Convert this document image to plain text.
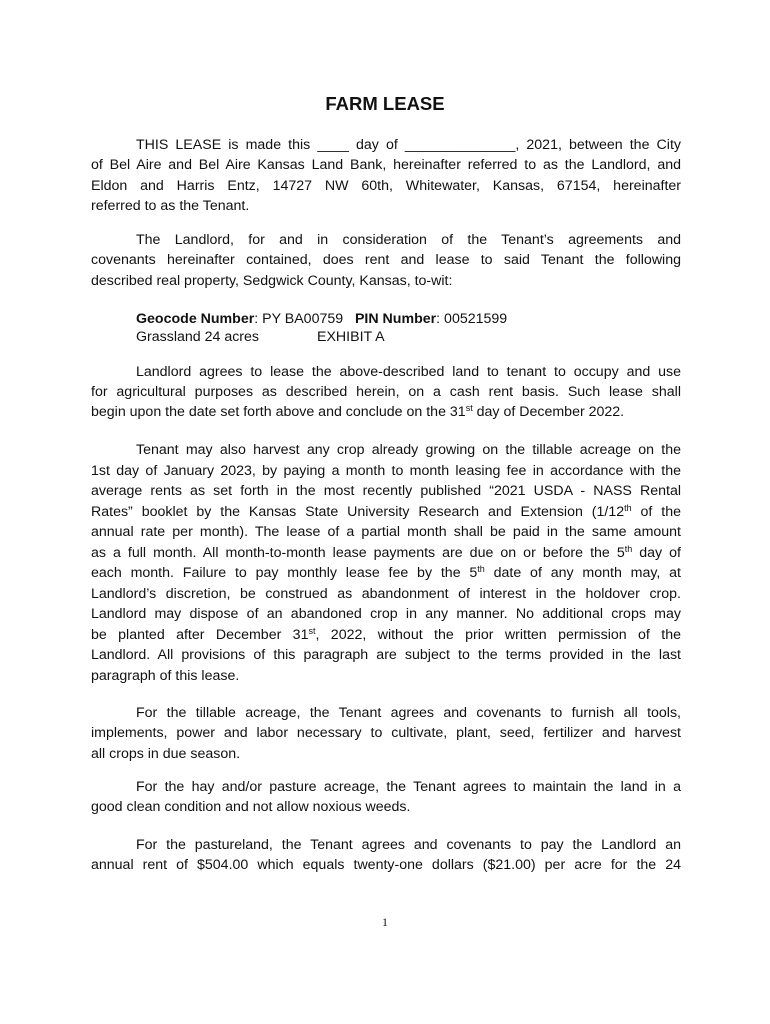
FARM LEASE
THIS LEASE is made this ____ day of ______________, 2021, between the City
of Bel Aire and Bel Aire Kansas Land Bank, hereinafter referred to as the Landlord, and
Eldon and Harris Entz, 14727 NW 60th, Whitewater, Kansas, 67154, hereinafter
referred to as the Tenant.
The Landlord, for and in consideration of the Tenant’s agreements and
covenants hereinafter contained, does rent and lease to said Tenant the following
described real property, Sedgwick County, Kansas, to-wit:
Geocode Number: PY BA00759 PIN Number: 00521599
Grassland 24 acres	EXHIBIT A
Landlord agrees to lease the above-described land to tenant to occupy and use
for agricultural purposes as described herein, on a cash rent basis. Such lease shall
begin upon the date set forth above and conclude on the 31st day of December 2022.
Tenant may also harvest any crop already growing on the tillable acreage on the
1st day of January 2023, by paying a month to month leasing fee in accordance with the
average rents as set forth in the most recently published “2021 USDA - NASS Rental
Rates” booklet by the Kansas State University Research and Extension (1/12th of the
annual rate per month). The lease of a partial month shall be paid in the same amount
as a full month. All month-to-month lease payments are due on or before the 5th day of
each month. Failure to pay monthly lease fee by the 5th date of any month may, at
Landlord’s discretion, be construed as abandonment of interest in the holdover crop.
Landlord may dispose of an abandoned crop in any manner. No additional crops may
be planted after December 31st, 2022, without the prior written permission of the
Landlord. All provisions of this paragraph are subject to the terms provided in the last
paragraph of this lease.
For the tillable acreage, the Tenant agrees and covenants to furnish all tools,
implements, power and labor necessary to cultivate, plant, seed, fertilizer and harvest
all crops in due season.
For the hay and/or pasture acreage, the Tenant agrees to maintain the land in a
good clean condition and not allow noxious weeds.
For the pastureland, the Tenant agrees and covenants to pay the Landlord an
annual rent of $504.00 which equals twenty-one dollars ($21.00) per acre for the 24
1
